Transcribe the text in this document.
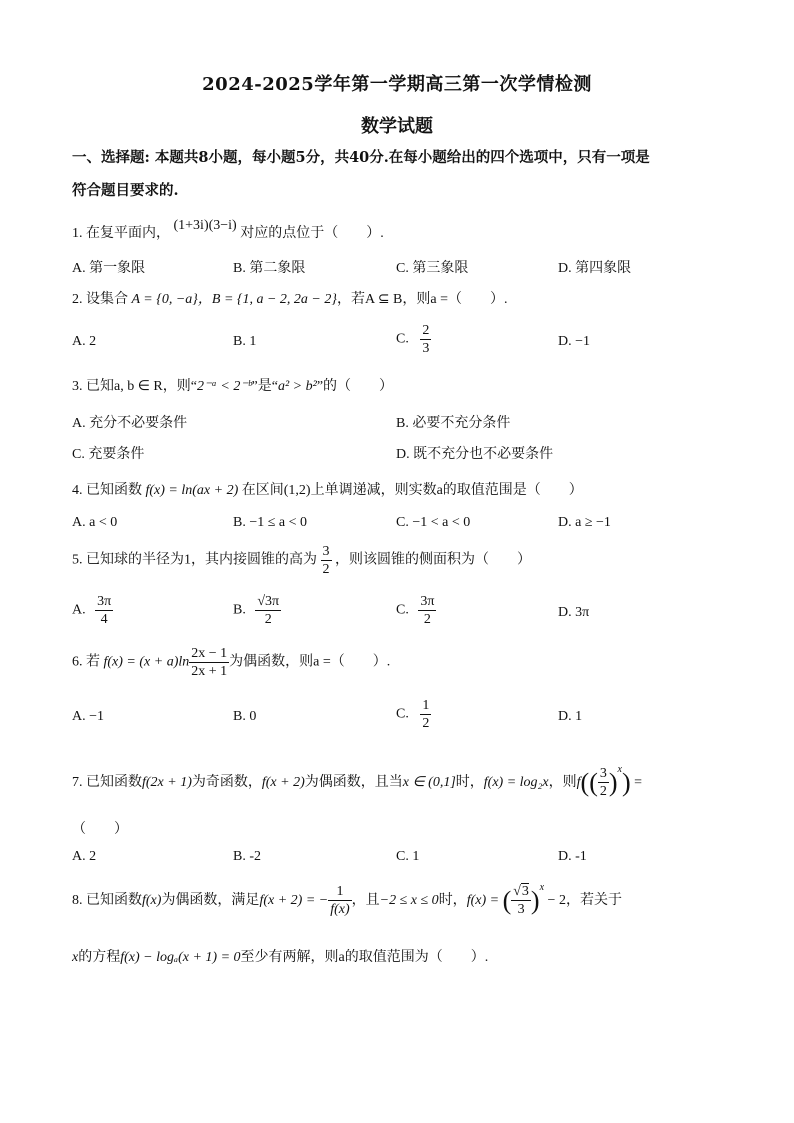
2024-2025学年第一学期高三第一次学情检测
数学试题
一、选择题: 本题共8小题，每小题5分，共40分.在每小题给出的四个选项中，只有一项是
符合题目要求的.
1. 在复平面内， (1+3i)(3−i) 对应的点位于（　　）.
A. 第一象限	B. 第二象限	C. 第三象限	D. 第四象限
2. 设集合 A = {0, −a}，B = {1, a − 2, 2a − 2}，若A ⊆ B，则a =（　　）.
A. 2	B. 1	C. $\frac{2}{3}$	D. −1
3. 已知a, b ∈ R，则“2⁻ᵃ < 2⁻ᵇ”是“a² > b²”的（　　）
A. 充分不必要条件	B. 必要不充分条件
C. 充要条件	D. 既不充分也不必要条件
4. 已知函数 f(x) = ln(ax + 2) 在区间(1,2)上单调递减，则实数a的取值范围是（　　）
A. a < 0	B. −1 ≤ a < 0	C. −1 < a < 0	D. a ≥ −1
5. 已知球的半径为1，其内接圆锥的高为 $\frac{3}{2}$ ，则该圆锥的侧面积为（　　）
A. $\frac{3\pi}{4}$	B. $\frac{√3\pi}{2}$	C. $\frac{3\pi}{2}$	D. 3π
6. 若 $f(x) = (x + a)\ln \frac{2x - 1}{2x + 1}$ 为偶函数，则a =（　　）.
A. −1	B. 0	C. $\frac{1}{2}$	D. 1
7. 已知函数f(2x + 1)为奇函数，f(x + 2)为偶函数，且当x ∈ (0,1]时，f(x) = log₂x，则$f(( \frac{3}{2} )^x)$ =
（　　）
A. 2	B. -2	C. 1	D. -1
8. 已知函数f(x)为偶函数，满足f(x + 2) = − $\frac{1}{f(x)}$ ，且−2 ≤ x ≤ 0时，f(x) = ( $\frac{√3}{3} )^x - 2$，若关于
x的方程f(x) − logₐ(x + 1) = 0至少有两解，则a的取值范围为（　　）.
